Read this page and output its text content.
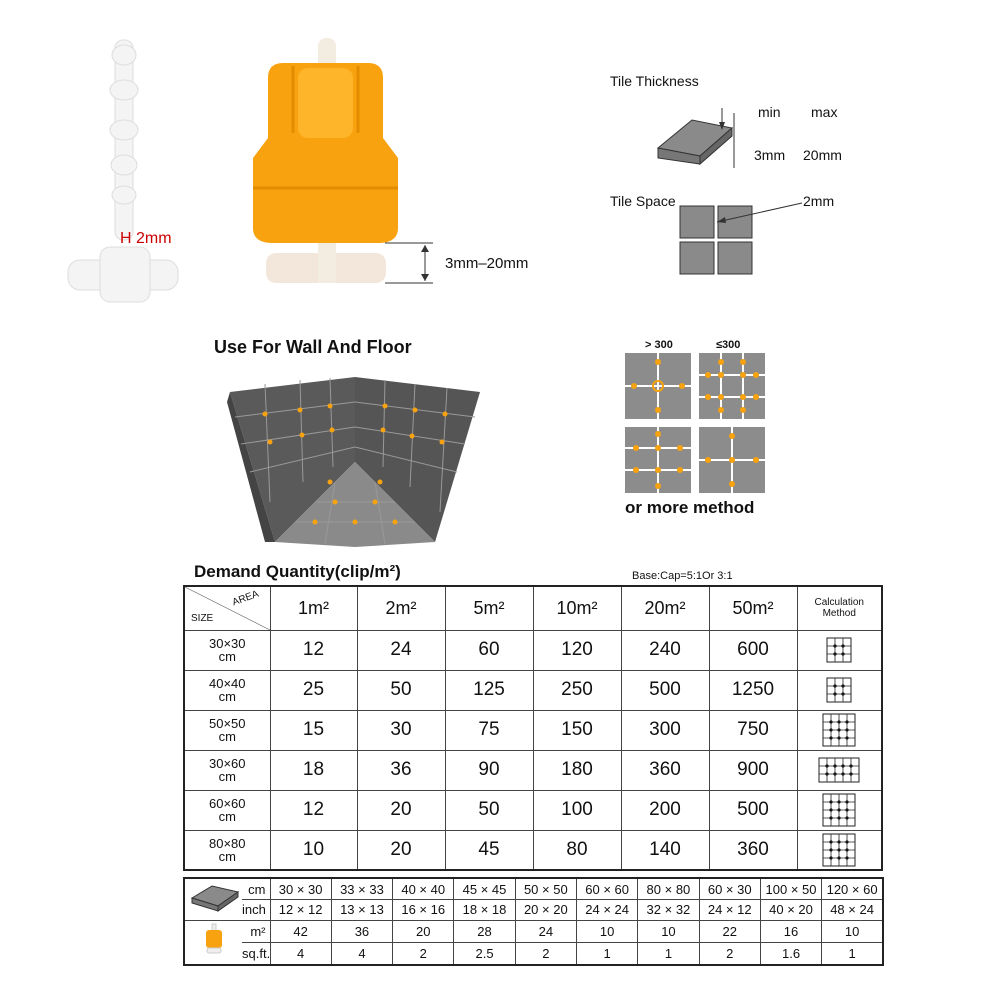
H 2mm
3mm–20mm
Tile Thickness
min max
3mm 20mm
Tile Space	2mm
Use For Wall And Floor	> 300	≤300
or more method
Demand Quantity(clip/m²)	Base:Cap=5:1Or 3:1
AREA
SIZE	1m²	2m²	5m²	10m²	20m²	50m²	Calculation
Method
30×30
cm	12	24	60	120	240	600	
40×40
cm	25	50	125	250	500	1250	
50×50
cm	15	30	75	150	300	750	
30×60
cm	18	36	90	180	360	900	
60×60
cm	12	20	50	100	200	500	
80×80
cm	10	20	45	80	140	360	
	cm	30 × 30	33 × 33	40 × 40	45 × 45	50 × 50	60 × 60	80 × 80	60 × 30	100 × 50	120 × 60
	inch	12 × 12	13 × 13	16 × 16	18 × 18	20 × 20	24 × 24	32 × 32	24 × 12	40 × 20	48 × 24
	m²	42	36	20	28	24	10	10	22	16	10
	sq.ft.	4	4	2	2.5	2	1	1	2	1.6	1
